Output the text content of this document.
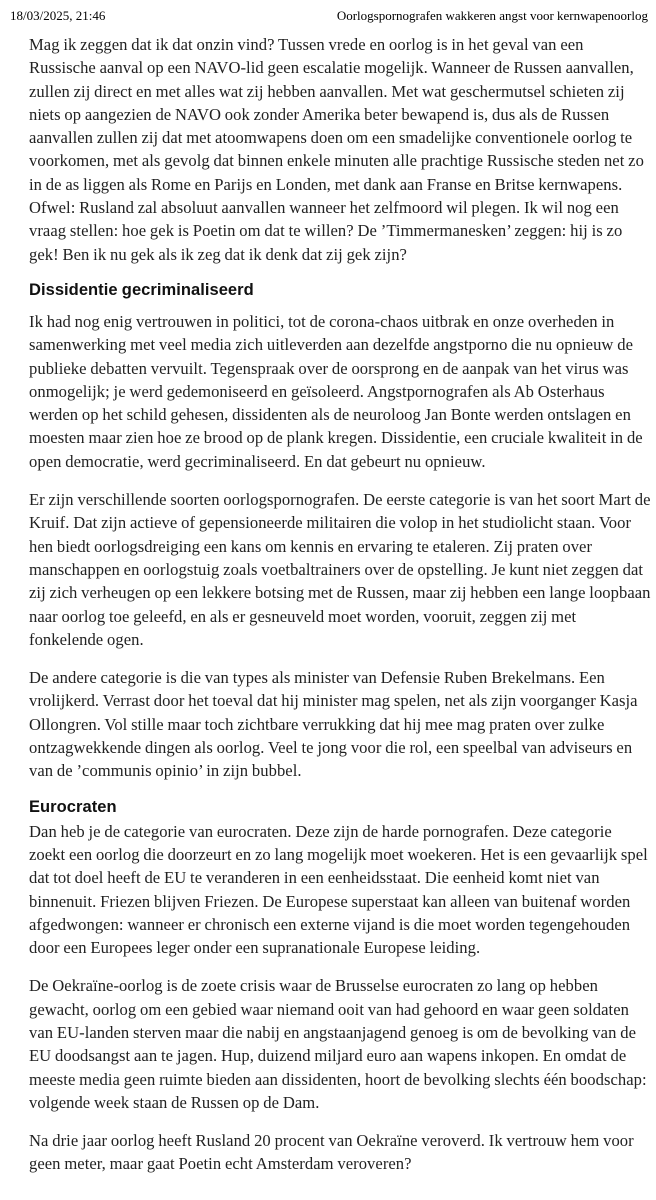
18/03/2025, 21:46	Oorlogspornografen wakkeren angst voor kernwapenoorlog

Mag ik zeggen dat ik dat onzin vind? Tussen vrede en oorlog is in het geval van een Russische aanval op een NAVO-lid geen escalatie mogelijk. Wanneer de Russen aanvallen, zullen zij direct en met alles wat zij hebben aanvallen. Met wat geschermutsel schieten zij niets op aangezien de NAVO ook zonder Amerika beter bewapend is, dus als de Russen aanvallen zullen zij dat met atoomwapens doen om een smadelijke conventionele oorlog te voorkomen, met als gevolg dat binnen enkele minuten alle prachtige Russische steden net zo in de as liggen als Rome en Parijs en Londen, met dank aan Franse en Britse kernwapens. Ofwel: Rusland zal absoluut aanvallen wanneer het zelfmoord wil plegen. Ik wil nog een vraag stellen: hoe gek is Poetin om dat te willen? De ’Timmermanesken’ zeggen: hij is zo gek! Ben ik nu gek als ik zeg dat ik denk dat zij gek zijn?

Dissidentie gecriminaliseerd

Ik had nog enig vertrouwen in politici, tot de corona-chaos uitbrak en onze overheden in samenwerking met veel media zich uitleverden aan dezelfde angstporno die nu opnieuw de publieke debatten vervuilt. Tegenspraak over de oorsprong en de aanpak van het virus was onmogelijk; je werd gedemoniseerd en geïsoleerd. Angstpornografen als Ab Osterhaus werden op het schild gehesen, dissidenten als de neuroloog Jan Bonte werden ontslagen en moesten maar zien hoe ze brood op de plank kregen. Dissidentie, een cruciale kwaliteit in de open democratie, werd gecriminaliseerd. En dat gebeurt nu opnieuw.

Er zijn verschillende soorten oorlogspornografen. De eerste categorie is van het soort Mart de Kruif. Dat zijn actieve of gepensioneerde militairen die volop in het studiolicht staan. Voor hen biedt oorlogsdreiging een kans om kennis en ervaring te etaleren. Zij praten over manschappen en oorlogstuig zoals voetbaltrainers over de opstelling. Je kunt niet zeggen dat zij zich verheugen op een lekkere botsing met de Russen, maar zij hebben een lange loopbaan naar oorlog toe geleefd, en als er gesneuveld moet worden, vooruit, zeggen zij met fonkelende ogen.

De andere categorie is die van types als minister van Defensie Ruben Brekelmans. Een vrolijkerd. Verrast door het toeval dat hij minister mag spelen, net als zijn voorganger Kasja Ollongren. Vol stille maar toch zichtbare verrukking dat hij mee mag praten over zulke ontzagwekkende dingen als oorlog. Veel te jong voor die rol, een speelbal van adviseurs en van de ’communis opinio’ in zijn bubbel.

Eurocraten

Dan heb je de categorie van eurocraten. Deze zijn de harde pornografen. Deze categorie zoekt een oorlog die doorzeurt en zo lang mogelijk moet woekeren. Het is een gevaarlijk spel dat tot doel heeft de EU te veranderen in een eenheidsstaat. Die eenheid komt niet van binnenuit. Friezen blijven Friezen. De Europese superstaat kan alleen van buitenaf worden afgedwongen: wanneer er chronisch een externe vijand is die moet worden tegengehouden door een Europees leger onder een supranationale Europese leiding.

De Oekraïne-oorlog is de zoete crisis waar de Brusselse eurocraten zo lang op hebben gewacht, oorlog om een gebied waar niemand ooit van had gehoord en waar geen soldaten van EU-landen sterven maar die nabij en angstaanjagend genoeg is om de bevolking van de EU doodsangst aan te jagen. Hup, duizend miljard euro aan wapens inkopen. En omdat de meeste media geen ruimte bieden aan dissidenten, hoort de bevolking slechts één boodschap: volgende week staan de Russen op de Dam.

Na drie jaar oorlog heeft Rusland 20 procent van Oekraïne veroverd. Ik vertrouw hem voor geen meter, maar gaat Poetin echt Amsterdam veroveren?
